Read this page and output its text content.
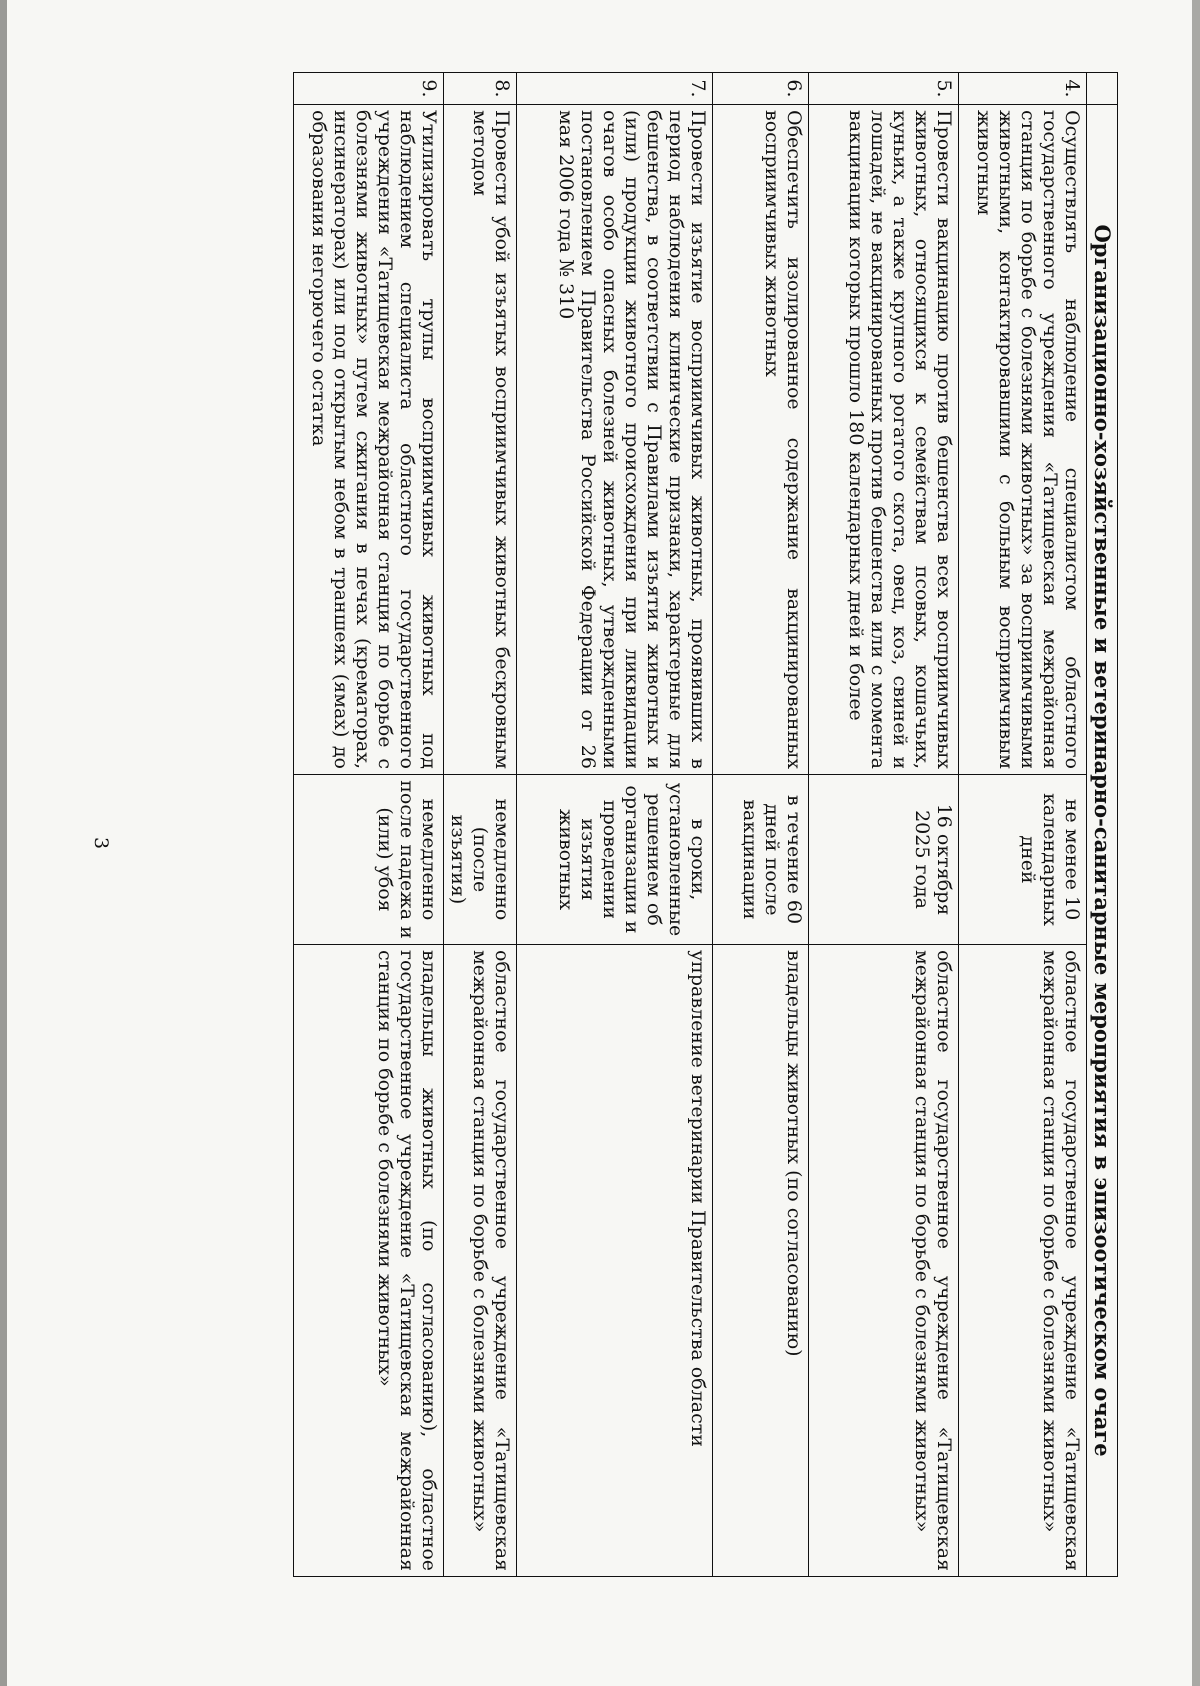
3
		Организационно-хозяйственные и ветеринарно-санитарные мероприятия в эпизоотическом очаге		
4.	Осуществлять наблюдение специалистом областного государственного учреждения «Татищевская межрайонная станция по борьбе с болезнями животных» за восприимчивыми животными, контактировавшими с больным восприимчивым животным	не менее 10 календарных дней	областное государственное учреждение «Татищевская межрайонная станция по борьбе с болезнями животных»
5.	Провести вакцинацию против бешенства всех восприимчивых животных, относящихся к семействам псовых, кошачьих, куньих, а также крупного рогатого скота, овец, коз, свиней и лошадей, не вакцинированных против бешенства или с момента вакцинации которых прошло 180 календарных дней и более	16 октября 2025 года	областное государственное учреждение «Татищевская межрайонная станция по борьбе с болезнями животных»
6.	Обеспечить изолированное содержание вакцинированных восприимчивых животных	в течение 60 дней после вакцинации	владельцы животных (по согласованию)
7.	Провести изъятие восприимчивых животных, проявивших в период наблюдения клинические признаки, характерные для бешенства, в соответствии с Правилами изъятия животных и (или) продукции животного происхождения при ликвидации очагов особо опасных болезней животных, утвержденными постановлением Правительства Российской Федерации от 26 мая 2006 года № 310	в сроки, установленные решением об организации и проведении изъятия животных	управление ветеринарии Правительства области
8.	Провести убой изъятых восприимчивых животных бескровным методом	немедленно (после изъятия)	областное государственное учреждение «Татищевская межрайонная станция по борьбе с болезнями животных»
9.	Утилизировать трупы восприимчивых животных под наблюдением специалиста областного государственного учреждения «Татищевская межрайонная станция по борьбе с болезнями животных» путем сжигания в печах (крематорах, инсинераторах) или под открытым небом в траншеях (ямах) до образования негорючего остатка	немедленно после падежа и (или) убоя	владельцы животных (по согласованию), областное государственное учреждение «Татищевская межрайонная станция по борьбе с болезнями животных»
